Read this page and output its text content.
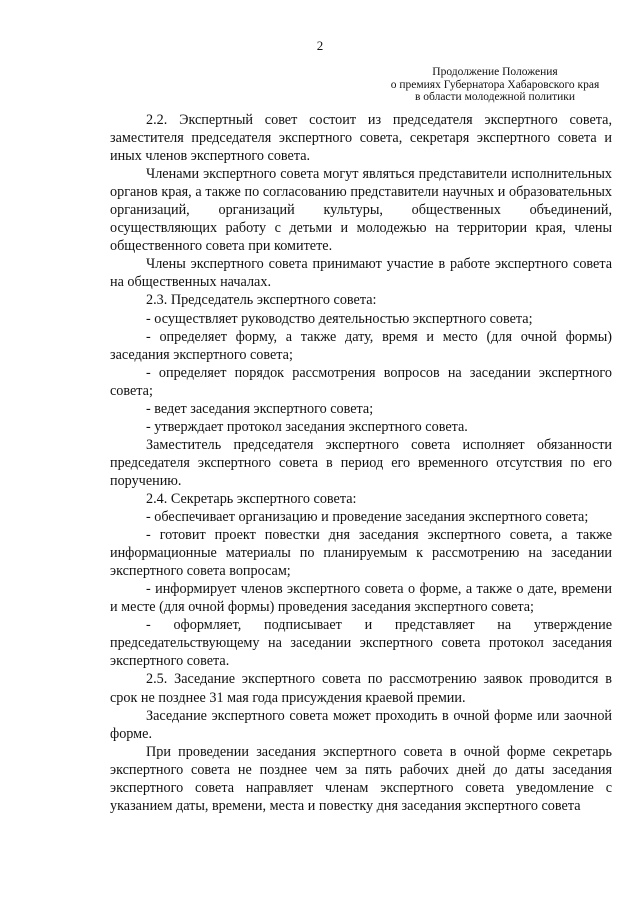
2
Продолжение Положения
о премиях Губернатора Хабаровского края
в области молодежной политики

2.2. Экспертный совет состоит из председателя экспертного совета, заместителя председателя экспертного совета, секретаря экспертного совета и иных членов экспертного совета.

Членами экспертного совета могут являться представители исполнительных органов края, а также по согласованию представители научных и образовательных организаций, организаций культуры, общественных объединений, осуществляющих работу с детьми и молодежью на территории края, члены общественного совета при комитете.

Члены экспертного совета принимают участие в работе экспертного совета на общественных началах.

2.3. Председатель экспертного совета:

- осуществляет руководство деятельностью экспертного совета;

- определяет форму, а также дату, время и место (для очной формы) заседания экспертного совета;

- определяет порядок рассмотрения вопросов на заседании экспертного совета;

- ведет заседания экспертного совета;

- утверждает протокол заседания экспертного совета.

Заместитель председателя экспертного совета исполняет обязанности председателя экспертного совета в период его временного отсутствия по его поручению.

2.4. Секретарь экспертного совета:

- обеспечивает организацию и проведение заседания экспертного совета;

- готовит проект повестки дня заседания экспертного совета, а также информационные материалы по планируемым к рассмотрению на заседании экспертного совета вопросам;

- информирует членов экспертного совета о форме, а также о дате, времени и месте (для очной формы) проведения заседания экспертного совета;

- оформляет, подписывает и представляет на утверждение председательствующему на заседании экспертного совета протокол заседания экспертного совета.

2.5. Заседание экспертного совета по рассмотрению заявок проводится в срок не позднее 31 мая года присуждения краевой премии.

Заседание экспертного совета может проходить в очной форме или заочной форме.

При проведении заседания экспертного совета в очной форме секретарь экспертного совета не позднее чем за пять рабочих дней до даты заседания экспертного совета направляет членам экспертного совета уведомление с указанием даты, времени, места и повестку дня заседания экспертного совета
